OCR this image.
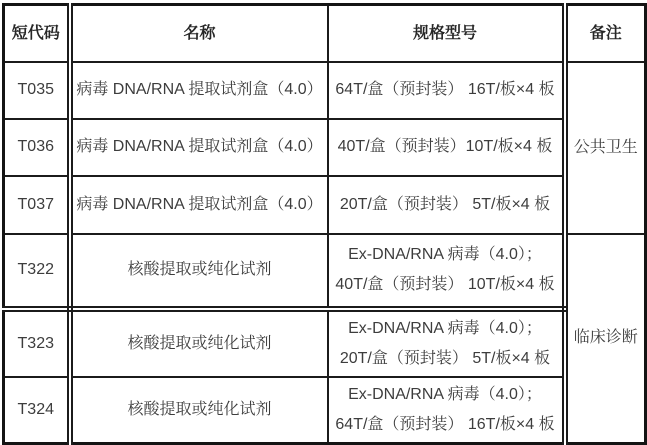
短代码	名称	规格型号	备注
T035	病毒 DNA/RNA 提取试剂盒（4.0）	64T/盒（预封装） 16T/板×4 板	公共卫生
T036	病毒 DNA/RNA 提取试剂盒（4.0）	40T/盒（预封装）10T/板×4 板	

T037	病毒 DNA/RNA 提取试剂盒（4.0）	20T/盒（预封装） 5T/板×4 板	

T322	核酸提取或纯化试剂	Ex-DNA/RNA 病毒（4.0）；
40T/盒（预封装） 10T/板×4 板	临床诊断
T323	核酸提取或纯化试剂	Ex-DNA/RNA 病毒（4.0）；
20T/盒（预封装） 5T/板×4 板	

T324	核酸提取或纯化试剂	Ex-DNA/RNA 病毒（4.0）；
64T/盒（预封装） 16T/板×4 板	
